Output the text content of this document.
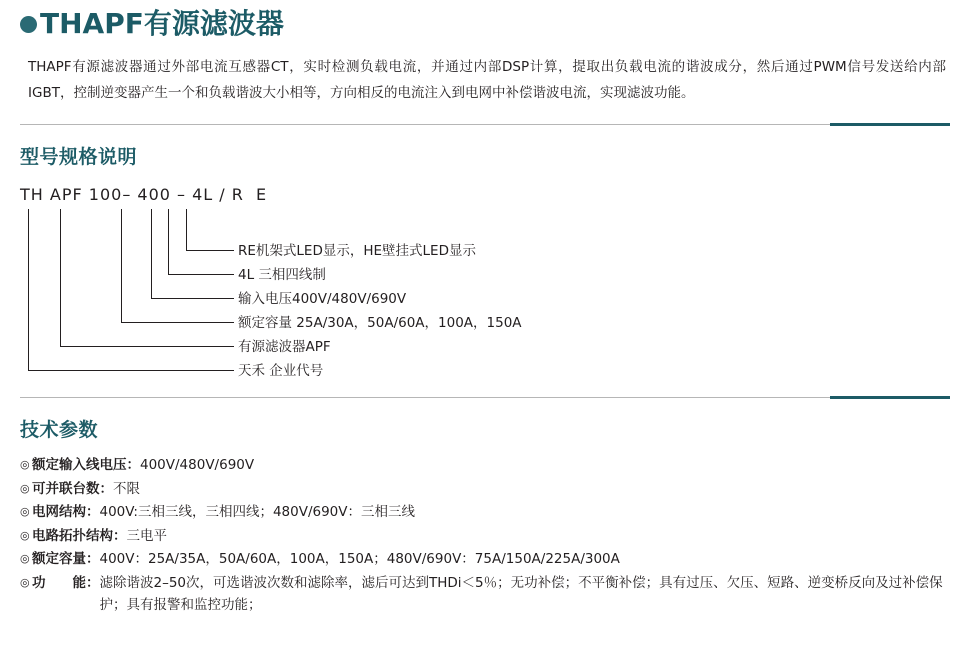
THAPF有源滤波器

THAPF有源滤波器通过外部电流互感器CT，实时检测负载电流，并通过内部DSP计算，提取出负载电流的谐波成分，然后通过PWM信号发送给内部IGBT，控制逆变器产生一个和负载谐波大小相等，方向相反的电流注入到电网中补偿谐波电流，实现滤波功能。

型号规格说明
TH APF 100– 400 – 4L / R  E
RE机架式LED显示，HE壁挂式LED显示
4L 三相四线制
输入电压400V/480V/690V
额定容量 25A/30A，50A/60A，100A，150A
有源滤波器APF
天禾 企业代号
技术参数
◎ 额定输入线电压： 400V/480V/690V
◎ 可并联台数： 不限
◎ 电网结构： 400V:三相三线，三相四线；480V/690V：三相三线
◎ 电路拓扑结构： 三电平
◎ 额定容量： 400V：25A/35A，50A/60A，100A，150A；480V/690V：75A/150A/225A/300A
◎ 功　　能： 滤除谐波2–50次，可选谐波次数和滤除率，滤后可达到THDi＜5％；无功补偿；不平衡补偿；具有过压、欠压、短路、逆变桥反向及过补偿保护；具有报警和监控功能；
